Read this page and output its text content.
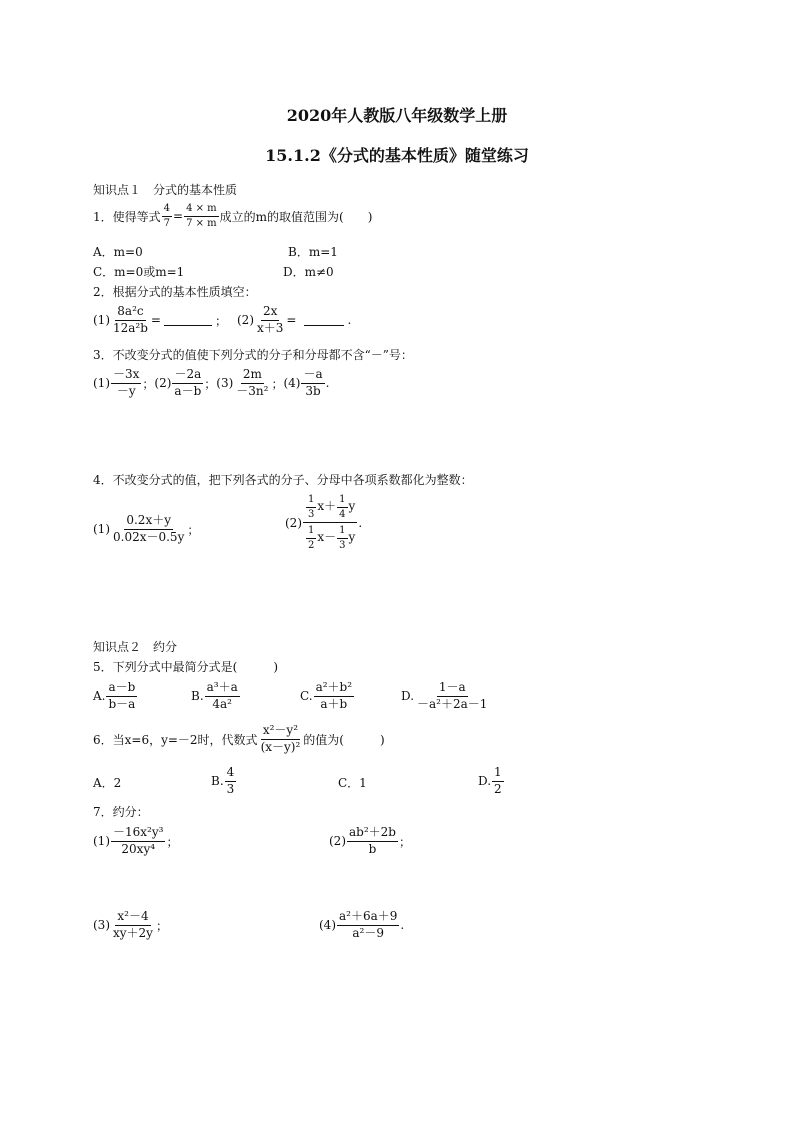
2020年人教版八年级数学上册
15.1.2《分式的基本性质》随堂练习
知识点１　分式的基本性质
1．使得等式 $\frac{4}{7} = \frac{4 \times m}{7 \times m}$ 成立的m的取值范围为(　　)
A．m=0	B．m=1
C．m=0或m=1	D．m≠0
2．根据分式的基本性质填空：
$(1) \frac{\text{8a²c}}{\text{12a²b}}$ =	； $(2) \frac{2x}{x+3}$ =	.
3．不改变分式的值使下列分式的分子和分母都不含“－”号：
$(1) \frac{-3x}{-y}$ ； $(2) \frac{-2a}{a-b}$ ； $(3) \frac{2m}{\text{－3n²}}$ ； $(4) \frac{-a}{3b}$ .
4．不改变分式的值，把下列各式的分子、分母中各项系数都化为整数：
$(1) \frac{0.2x+y}{0.02x-0.5y}$ ；
(2)
$\frac{1}{3}$ $x + \frac{1}{4}$ y
$\frac{1}{2}$ $x - \frac{1}{3}$ y
.
知识点２　约分
5．下列分式中最简分式是(　　　)
A. $\frac{a-b}{b-a}$	B. $\frac{\text{a³＋a}}{\text{4a²}}$	C. $\frac{\text{a²＋b²}}{a+b}$	D. $\frac{1-a}{\text{－a²＋2a－1}}$
6．当x=6，y=－2时，代数式 $\frac{\text{x²－y²}}{\text{(x－y)²}}$ 的值为(　　　)
A．2	B. $\frac{4}{3}$	C．1	D. $\frac{1}{2}$
7．约分：
$(1) \frac{\text{－16x²y³}}{\text{20xy⁴}}$ ；	$(2) \frac{\text{ab²＋2b}}{b}$ ；
$(3) \frac{\text{x²－4}}{xy+2y}$ ；	$(4) \frac{\text{a²＋6a＋9}}{\text{a²－9}}$ .
